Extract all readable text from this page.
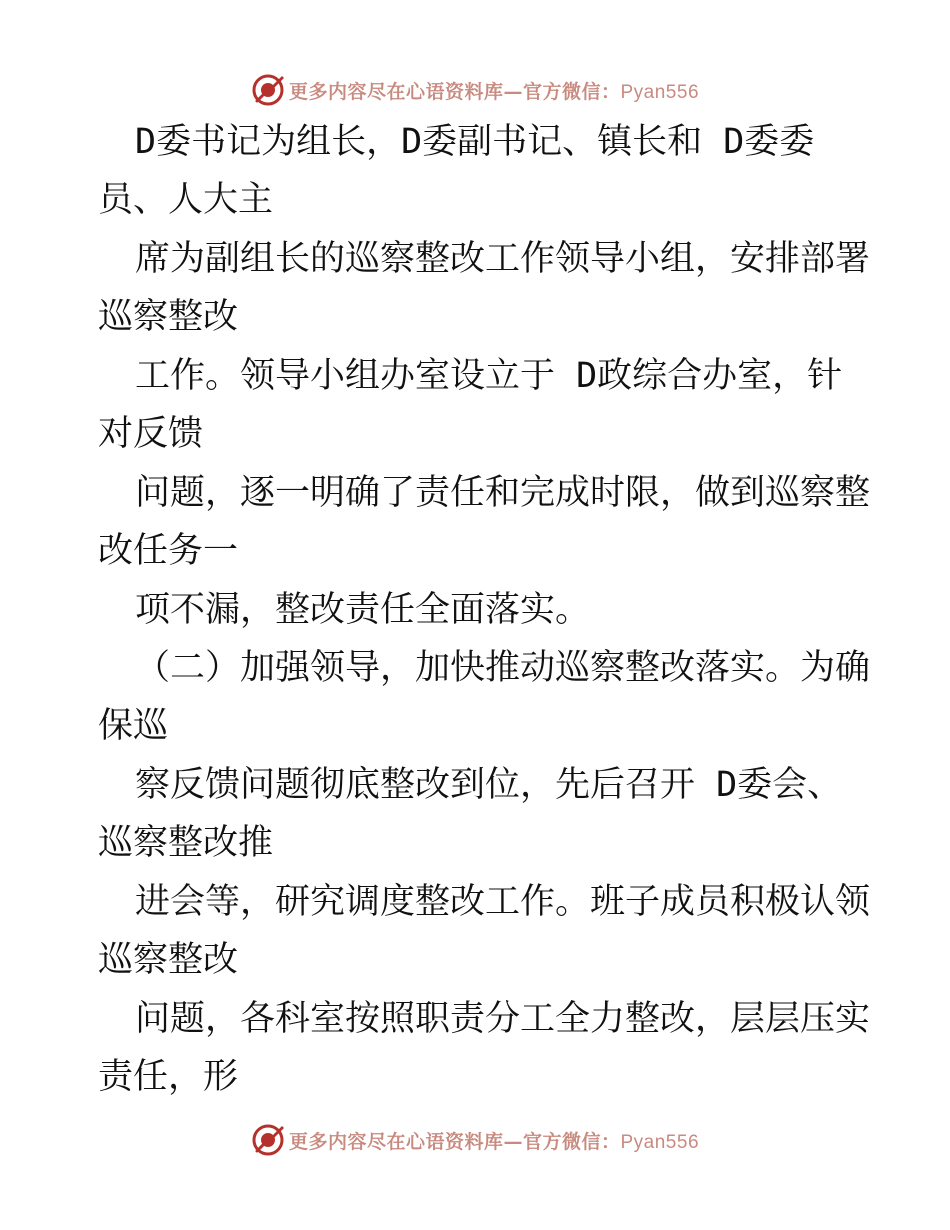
更多内容尽在心语资料库—官方微信：Pyan556
D委书记为组长，D委副书记、镇长和 D委委
员、人大主
席为副组长的巡察整改工作领导小组，安排部署
巡察整改
工作。领导小组办室设立于 D政综合办室，针
对反馈
问题，逐一明确了责任和完成时限，做到巡察整
改任务一
项不漏，整改责任全面落实。
（二）加强领导，加快推动巡察整改落实。为确
保巡
察反馈问题彻底整改到位，先后召开 D委会、
巡察整改推
进会等，研究调度整改工作。班子成员积极认领
巡察整改
问题，各科室按照职责分工全力整改，层层压实
责任，形
更多内容尽在心语资料库—官方微信：Pyan556
